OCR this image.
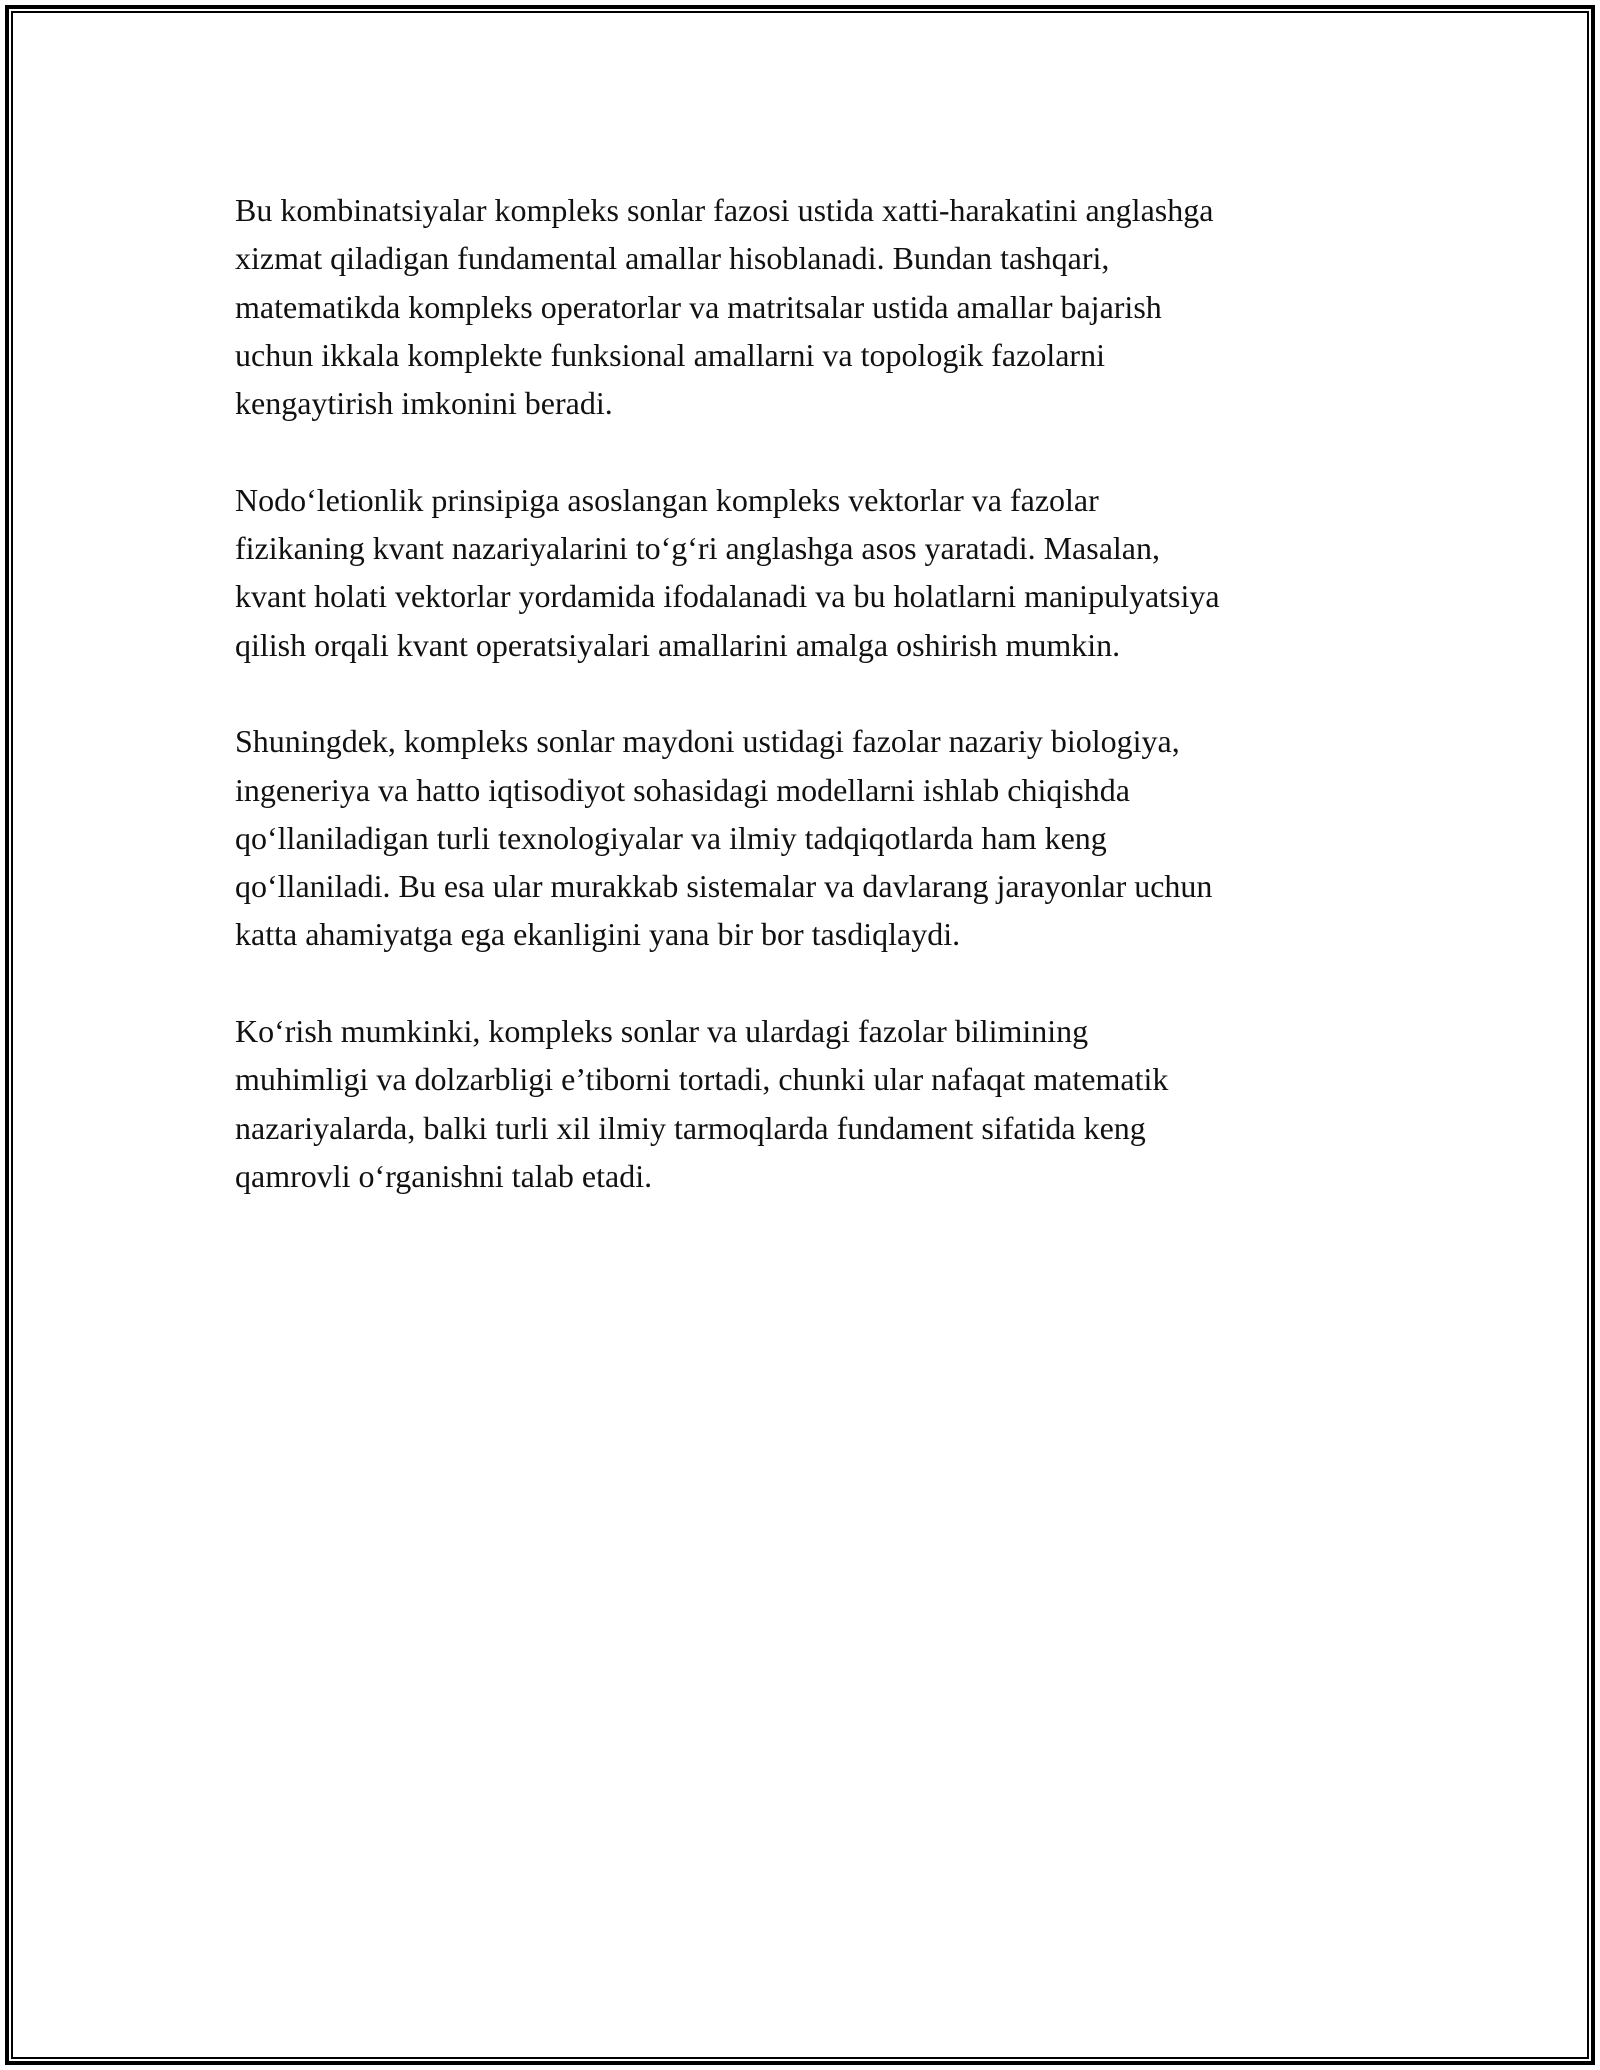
Bu kombinatsiyalar kompleks sonlar fazosi ustida xatti-harakatini anglashga
xizmat qiladigan fundamental amallar hisoblanadi. Bundan tashqari,
matematikda kompleks operatorlar va matritsalar ustida amallar bajarish
uchun ikkala komplekte funksional amallarni va topologik fazolarni
kengaytirish imkonini beradi.

Nodo‘letionlik prinsipiga asoslangan kompleks vektorlar va fazolar
fizikaning kvant nazariyalarini to‘g‘ri anglashga asos yaratadi. Masalan,
kvant holati vektorlar yordamida ifodalanadi va bu holatlarni manipulyatsiya
qilish orqali kvant operatsiyalari amallarini amalga oshirish mumkin.

Shuningdek, kompleks sonlar maydoni ustidagi fazolar nazariy biologiya,
ingeneriya va hatto iqtisodiyot sohasidagi modellarni ishlab chiqishda
qo‘llaniladigan turli texnologiyalar va ilmiy tadqiqotlarda ham keng
qo‘llaniladi. Bu esa ular murakkab sistemalar va davlarang jarayonlar uchun
katta ahamiyatga ega ekanligini yana bir bor tasdiqlaydi.

Ko‘rish mumkinki, kompleks sonlar va ulardagi fazolar bilimining
muhimligi va dolzarbligi e’tiborni tortadi, chunki ular nafaqat matematik
nazariyalarda, balki turli xil ilmiy tarmoqlarda fundament sifatida keng
qamrovli o‘rganishni talab etadi.
